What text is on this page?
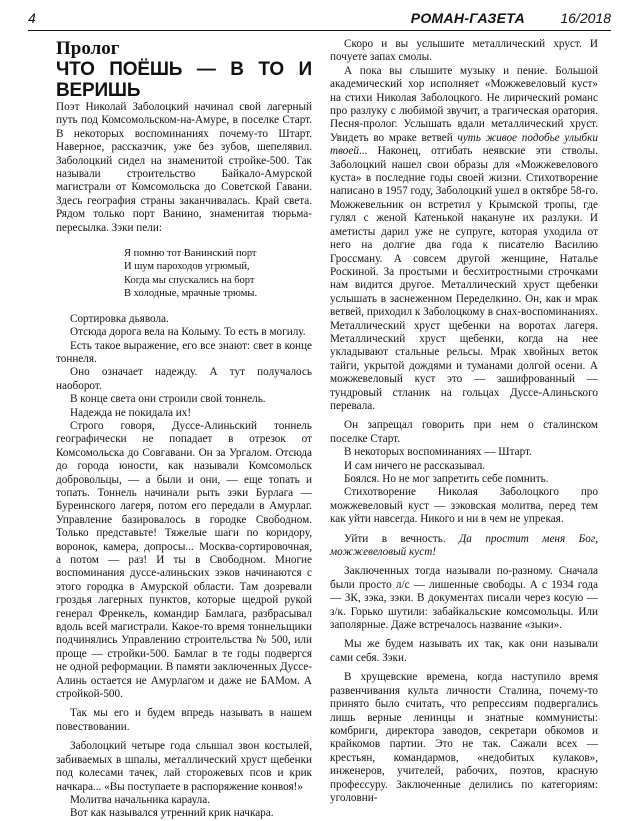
4	РОМАН-ГАЗЕТА	16/2018

Пролог

ЧТО ПОЁШЬ — В ТО И ВЕРИШЬ

Поэт Николай Заболоцкий начинал свой лагерный путь под Комсомольском-на-Амуре, в поселке Старт. В некоторых воспоминаниях почему-то Штарт. Наверное, рассказчик, уже без зубов, шепелявил. Заболоцкий сидел на знаменитой стройке-500. Так называли строительство Байкало-Амурской магистрали от Комсомольска до Советской Гавани. Здесь география страны заканчивалась. Край света. Рядом только порт Ванино, знаменитая тюрьма-пересылка. Зэки пели:

Я помню тот Ванинский порт
И шум пароходов угрюмый,
Когда мы спускались на борт
В холодные, мрачные трюмы.

Сортировка дьявола.

Отсюда дорога вела на Колыму. То есть в могилу.

Есть такое выражение, его все знают: свет в конце тоннеля.

Оно означает надежду. А тут получалось наоборот.

В конце света они строили свой тоннель.

Надежда не покидала их!

Строго говоря, Дуссе-Алиньский тоннель географически не попадает в отрезок от Комсомольска до Совгавани. Он за Ургалом. Отсюда до города юности, как называли Комсомольск добровольцы, — а были и они, — еще топать и топать. Тоннель начинали рыть зэки Бурлага — Буреинского лагеря, потом его передали в Амурлаг. Управление базировалось в городке Свободном. Только представьте! Тяжелые шаги по коридору, воронок, камера, допросы... Москва-сортировочная, а потом — раз! И ты в Свободном. Многие воспоминания дуссе-алиньских зэков начинаются с этого городка в Амурской области. Там дозревали гроздья лагерных пунктов, которые щедрой рукой генерал Френкель, командир Бамлага, разбрасывал вдоль всей магистрали. Какое-то время тоннельщики подчинялись Управлению строительства № 500, или проще — стройки-500. Бамлаг в те годы подвергся не одной реформации. В памяти заключенных Дуссе-Алинь остается не Амурлагом и даже не БАМом. А стройкой-500.

Так мы его и будем впредь называть в нашем повествовании.

Заболоцкий четыре года слышал звон костылей, забиваемых в шпалы, металлический хруст щебенки под колесами тачек, лай сторожевых псов и крик начкара... «Вы поступаете в распоряжение конвоя!»

Молитва начальника караула.

Вот как назывался утренний крик начкара.

Скоро и вы услышите металлический хруст. И почуете запах смолы.

А пока вы слышите музыку и пение. Большой академический хор исполняет «Можжевеловый куст» на стихи Николая Заболоцкого. Не лирический романс про разлуку с любимой звучит, а трагическая оратория. Песня-пролог. Услышать вдали металлический хруст. Увидеть во мраке ветвей чуть живое подобье улыбки твоей... Наконец, отгибать неявские эти стволы. Заболоцкий нашел свои образы для «Можжевелового куста» в последние годы своей жизни. Стихотворение написано в 1957 году, Заболоцкий ушел в октябре 58-го. Можжевельник он встретил у Крымской тропы, где гулял с женой Катенькой накануне их разлуки. И аметисты дарил уже не супруге, которая уходила от него на долгие два года к писателю Василию Гроссману. А совсем другой женщине, Наталье Роскиной. За простыми и бесхитростными строчками нам видится другое. Металлический хруст щебенки услышать в заснеженном Переделкино. Он, как и мрак ветвей, приходил к Заболоцкому в снах-воспоминаниях. Металлический хруст щебенки на воротах лагеря. Металлический хруст щебенки, когда на нее укладывают стальные рельсы. Мрак хвойных веток тайги, укрытой дождями и туманами долгой осени. А можжевеловый куст это — зашифрованный — тундровый стланик на гольцах Дуссе-Алиньского перевала.

Он запрещал говорить при нем о сталинском поселке Старт.

В некоторых воспоминаниях — Штарт.

И сам ничего не рассказывал.

Боялся. Но не мог запретить себе помнить.

Стихотворение Николая Заболоцкого про можжевеловый куст — зэковская молитва, перед тем как уйти навсегда. Никого и ни в чем не упрекая.

Уйти в вечность. Да простит меня Бог, можжевеловый куст!

Заключенных тогда называли по-разному. Сначала были просто л/с — лишенные свободы. А с 1934 года — ЗК, зэка, зэки. В документах писали через косую — з/к. Горько шутили: забайкальские комсомольцы. Или заполярные. Даже встречалось название «зыки».

Мы же будем называть их так, как они называли сами себя. Зэки.

В хрущевские времена, когда наступило время развенчивания культа личности Сталина, почему-то принято было считать, что репрессиям подвергались лишь верные ленинцы и знатные коммунисты: комбриги, директора заводов, секретари обкомов и крайкомов партии. Это не так. Сажали всех — крестьян, командармов, «недобитых кулаков», инженеров, учителей, рабочих, поэтов, красную профессуру. Заключенные делились по категориям: уголовни-
